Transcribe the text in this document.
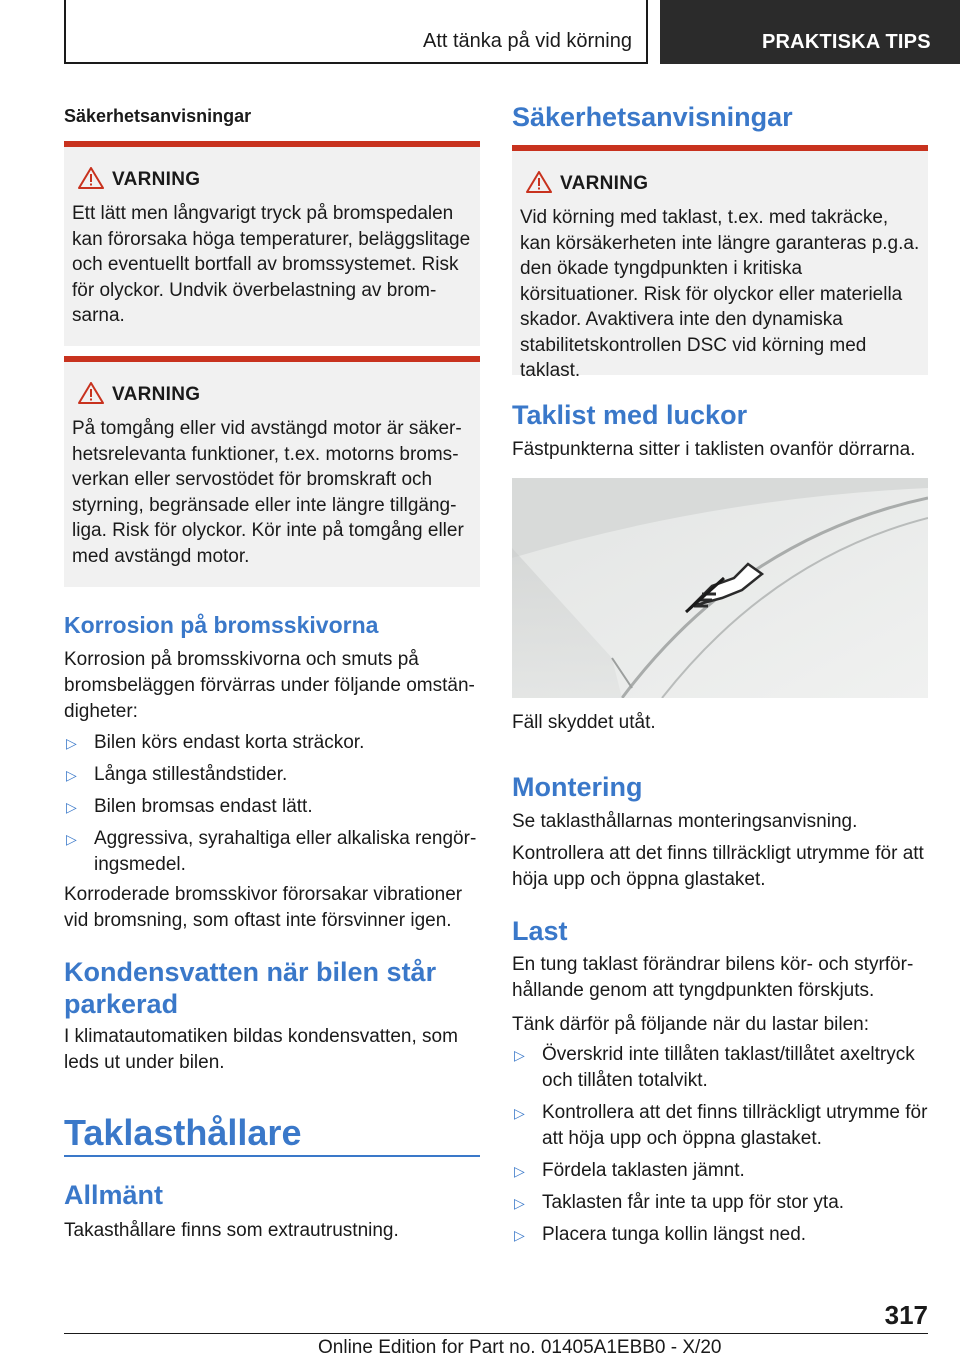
Att tänka på vid körning	PRAKTISKA TIPS
Säkerhetsanvisningar
VARNING
Ett lätt men långvarigt tryck på bromspedalen kan förorsaka höga temperaturer, beläggslitage och eventuellt bortfall av bromssystemet. Risk för olyckor. Undvik överbelastning av bromsarna.
VARNING
På tomgång eller vid avstängd motor är säkerhetsrelevanta funktioner, t.ex. motorns bromsverkan eller servostödet för bromskraft och styrning, begränsade eller inte längre tillgängliga. Risk för olyckor. Kör inte på tomgång eller med avstängd motor.
Korrosion på bromsskivorna
Korrosion på bromsskivorna och smuts på bromsbeläggen förvärras under följande omständigheter:
▷ Bilen körs endast korta sträckor.
▷ Långa stilleståndstider.
▷ Bilen bromsas endast lätt.
▷ Aggressiva, syrahaltiga eller alkaliska rengöringsmedel.
Korroderade bromsskivor förorsakar vibrationer vid bromsning, som oftast inte försvinner igen.
Kondensvatten när bilen står parkerad
I klimatautomatiken bildas kondensvatten, som leds ut under bilen.
Taklasthållare
Allmänt
Takasthållare finns som extrautrustning.
Säkerhetsanvisningar
VARNING
Vid körning med taklast, t.ex. med takräcke, kan körsäkerheten inte längre garanteras p.g.a. den ökade tyngdpunkten i kritiska körsituationer. Risk för olyckor eller materiella skador. Avaktivera inte den dynamiska stabilitetskontrollen DSC vid körning med taklast.
Taklist med luckor
Fästpunkterna sitter i taklisten ovanför dörrarna.
Fäll skyddet utåt.
Montering
Se taklasthållarnas monteringsanvisning.
Kontrollera att det finns tillräckligt utrymme för att höja upp och öppna glastaket.
Last
En tung taklast förändrar bilens kör- och styrförhållande genom att tyngdpunkten förskjuts.
Tänk därför på följande när du lastar bilen:
▷ Överskrid inte tillåten taklast/tillåtet axeltryck och tillåten totalvikt.
▷ Kontrollera att det finns tillräckligt utrymme för att höja upp och öppna glastaket.
▷ Fördela taklasten jämnt.
▷ Taklasten får inte ta upp för stor yta.
▷ Placera tunga kollin längst ned.
317
Online Edition for Part no. 01405A1EBB0 - X/20
